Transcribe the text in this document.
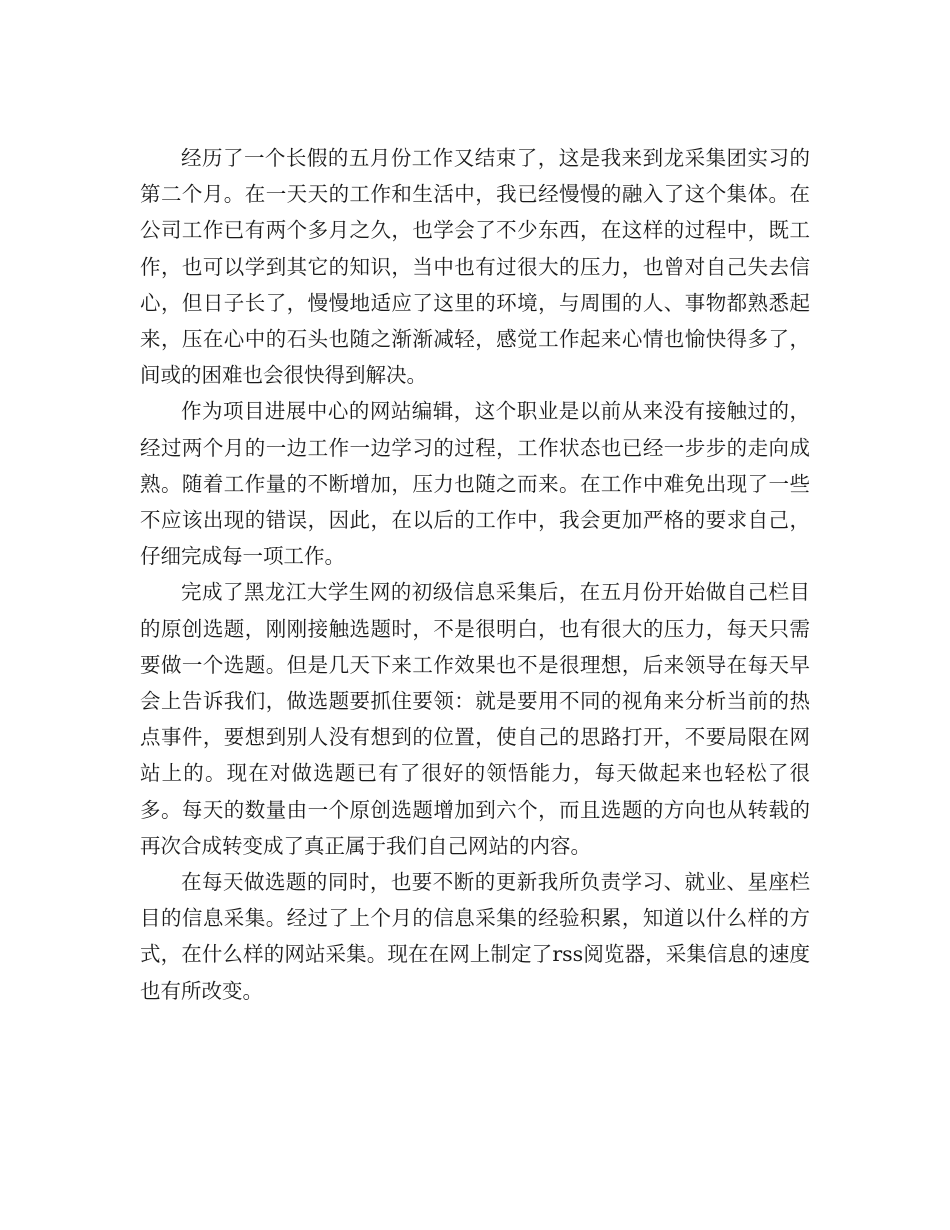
经历了一个长假的五月份工作又结束了，这是我来到龙采集团实习的第二个月。在一天天的工作和生活中，我已经慢慢的融入了这个集体。在公司工作已有两个多月之久，也学会了不少东西，在这样的过程中，既工作，也可以学到其它的知识，当中也有过很大的压力，也曾对自己失去信心，但日子长了，慢慢地适应了这里的环境，与周围的人、事物都熟悉起来，压在心中的石头也随之渐渐减轻，感觉工作起来心情也愉快得多了，间或的困难也会很快得到解决。

作为项目进展中心的网站编辑，这个职业是以前从来没有接触过的，经过两个月的一边工作一边学习的过程，工作状态也已经一步步的走向成熟。随着工作量的不断增加，压力也随之而来。在工作中难免出现了一些不应该出现的错误，因此，在以后的工作中，我会更加严格的要求自己，仔细完成每一项工作。

完成了黑龙江大学生网的初级信息采集后，在五月份开始做自己栏目的原创选题，刚刚接触选题时，不是很明白，也有很大的压力，每天只需要做一个选题。但是几天下来工作效果也不是很理想，后来领导在每天早会上告诉我们，做选题要抓住要领：就是要用不同的视角来分析当前的热点事件，要想到别人没有想到的位置，使自己的思路打开，不要局限在网站上的。现在对做选题已有了很好的领悟能力，每天做起来也轻松了很多。每天的数量由一个原创选题增加到六个，而且选题的方向也从转载的再次合成转变成了真正属于我们自己网站的内容。

在每天做选题的同时，也要不断的更新我所负责学习、就业、星座栏目的信息采集。经过了上个月的信息采集的经验积累，知道以什么样的方式，在什么样的网站采集。现在在网上制定了rss阅览器，采集信息的速度也有所改变。
